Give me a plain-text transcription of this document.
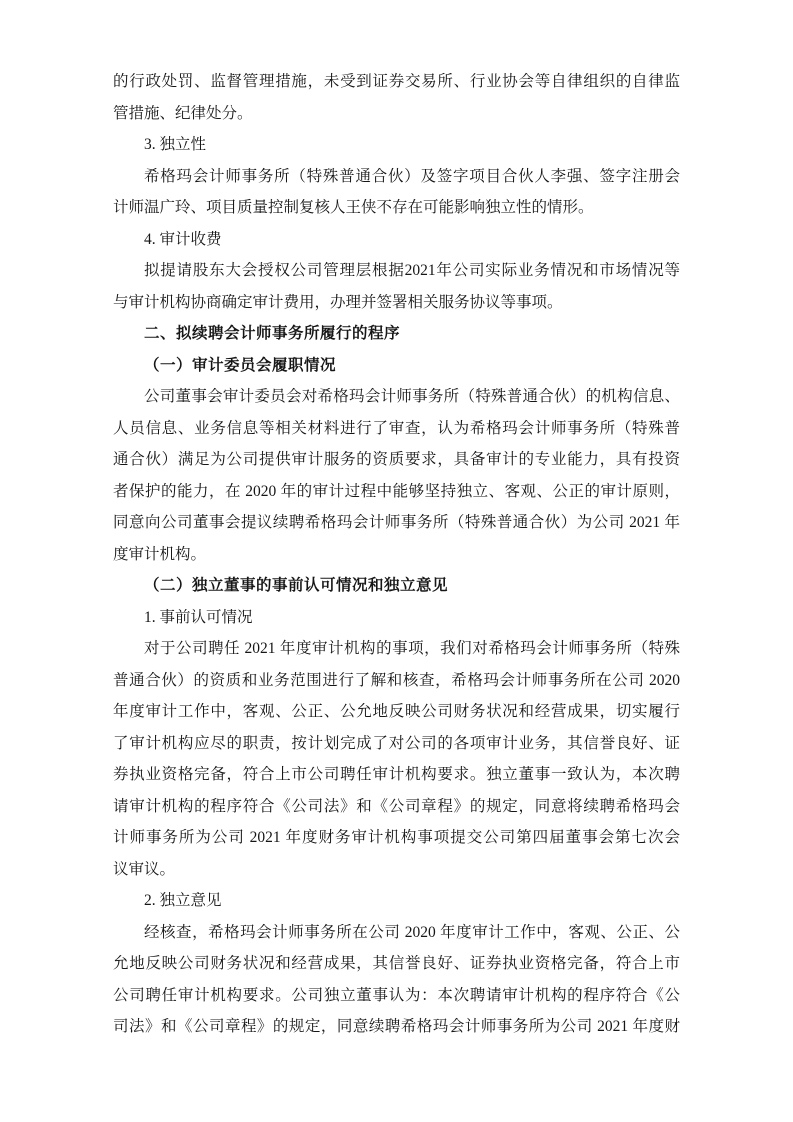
的行政处罚、监督管理措施，未受到证券交易所、行业协会等自律组织的自律监
管措施、纪律处分。
3. 独立性
希格玛会计师事务所（特殊普通合伙）及签字项目合伙人李强、签字注册会
计师温广玲、项目质量控制复核人王侠不存在可能影响独立性的情形。
4. 审计收费
拟提请股东大会授权公司管理层根据2021年公司实际业务情况和市场情况等
与审计机构协商确定审计费用，办理并签署相关服务协议等事项。
二、拟续聘会计师事务所履行的程序
（一）审计委员会履职情况
公司董事会审计委员会对希格玛会计师事务所（特殊普通合伙）的机构信息、
人员信息、业务信息等相关材料进行了审查，认为希格玛会计师事务所（特殊普
通合伙）满足为公司提供审计服务的资质要求，具备审计的专业能力，具有投资
者保护的能力，在 2020 年的审计过程中能够坚持独立、客观、公正的审计原则，
同意向公司董事会提议续聘希格玛会计师事务所（特殊普通合伙）为公司 2021 年
度审计机构。
（二）独立董事的事前认可情况和独立意见
1. 事前认可情况
对于公司聘任 2021 年度审计机构的事项，我们对希格玛会计师事务所（特殊
普通合伙）的资质和业务范围进行了解和核查，希格玛会计师事务所在公司 2020
年度审计工作中，客观、公正、公允地反映公司财务状况和经营成果，切实履行
了审计机构应尽的职责，按计划完成了对公司的各项审计业务，其信誉良好、证
券执业资格完备，符合上市公司聘任审计机构要求。独立董事一致认为，本次聘
请审计机构的程序符合《公司法》和《公司章程》的规定，同意将续聘希格玛会
计师事务所为公司 2021 年度财务审计机构事项提交公司第四届董事会第七次会
议审议。
2. 独立意见
经核查，希格玛会计师事务所在公司 2020 年度审计工作中，客观、公正、公
允地反映公司财务状况和经营成果，其信誉良好、证券执业资格完备，符合上市
公司聘任审计机构要求。公司独立董事认为：本次聘请审计机构的程序符合《公
司法》和《公司章程》的规定，同意续聘希格玛会计师事务所为公司 2021 年度财
